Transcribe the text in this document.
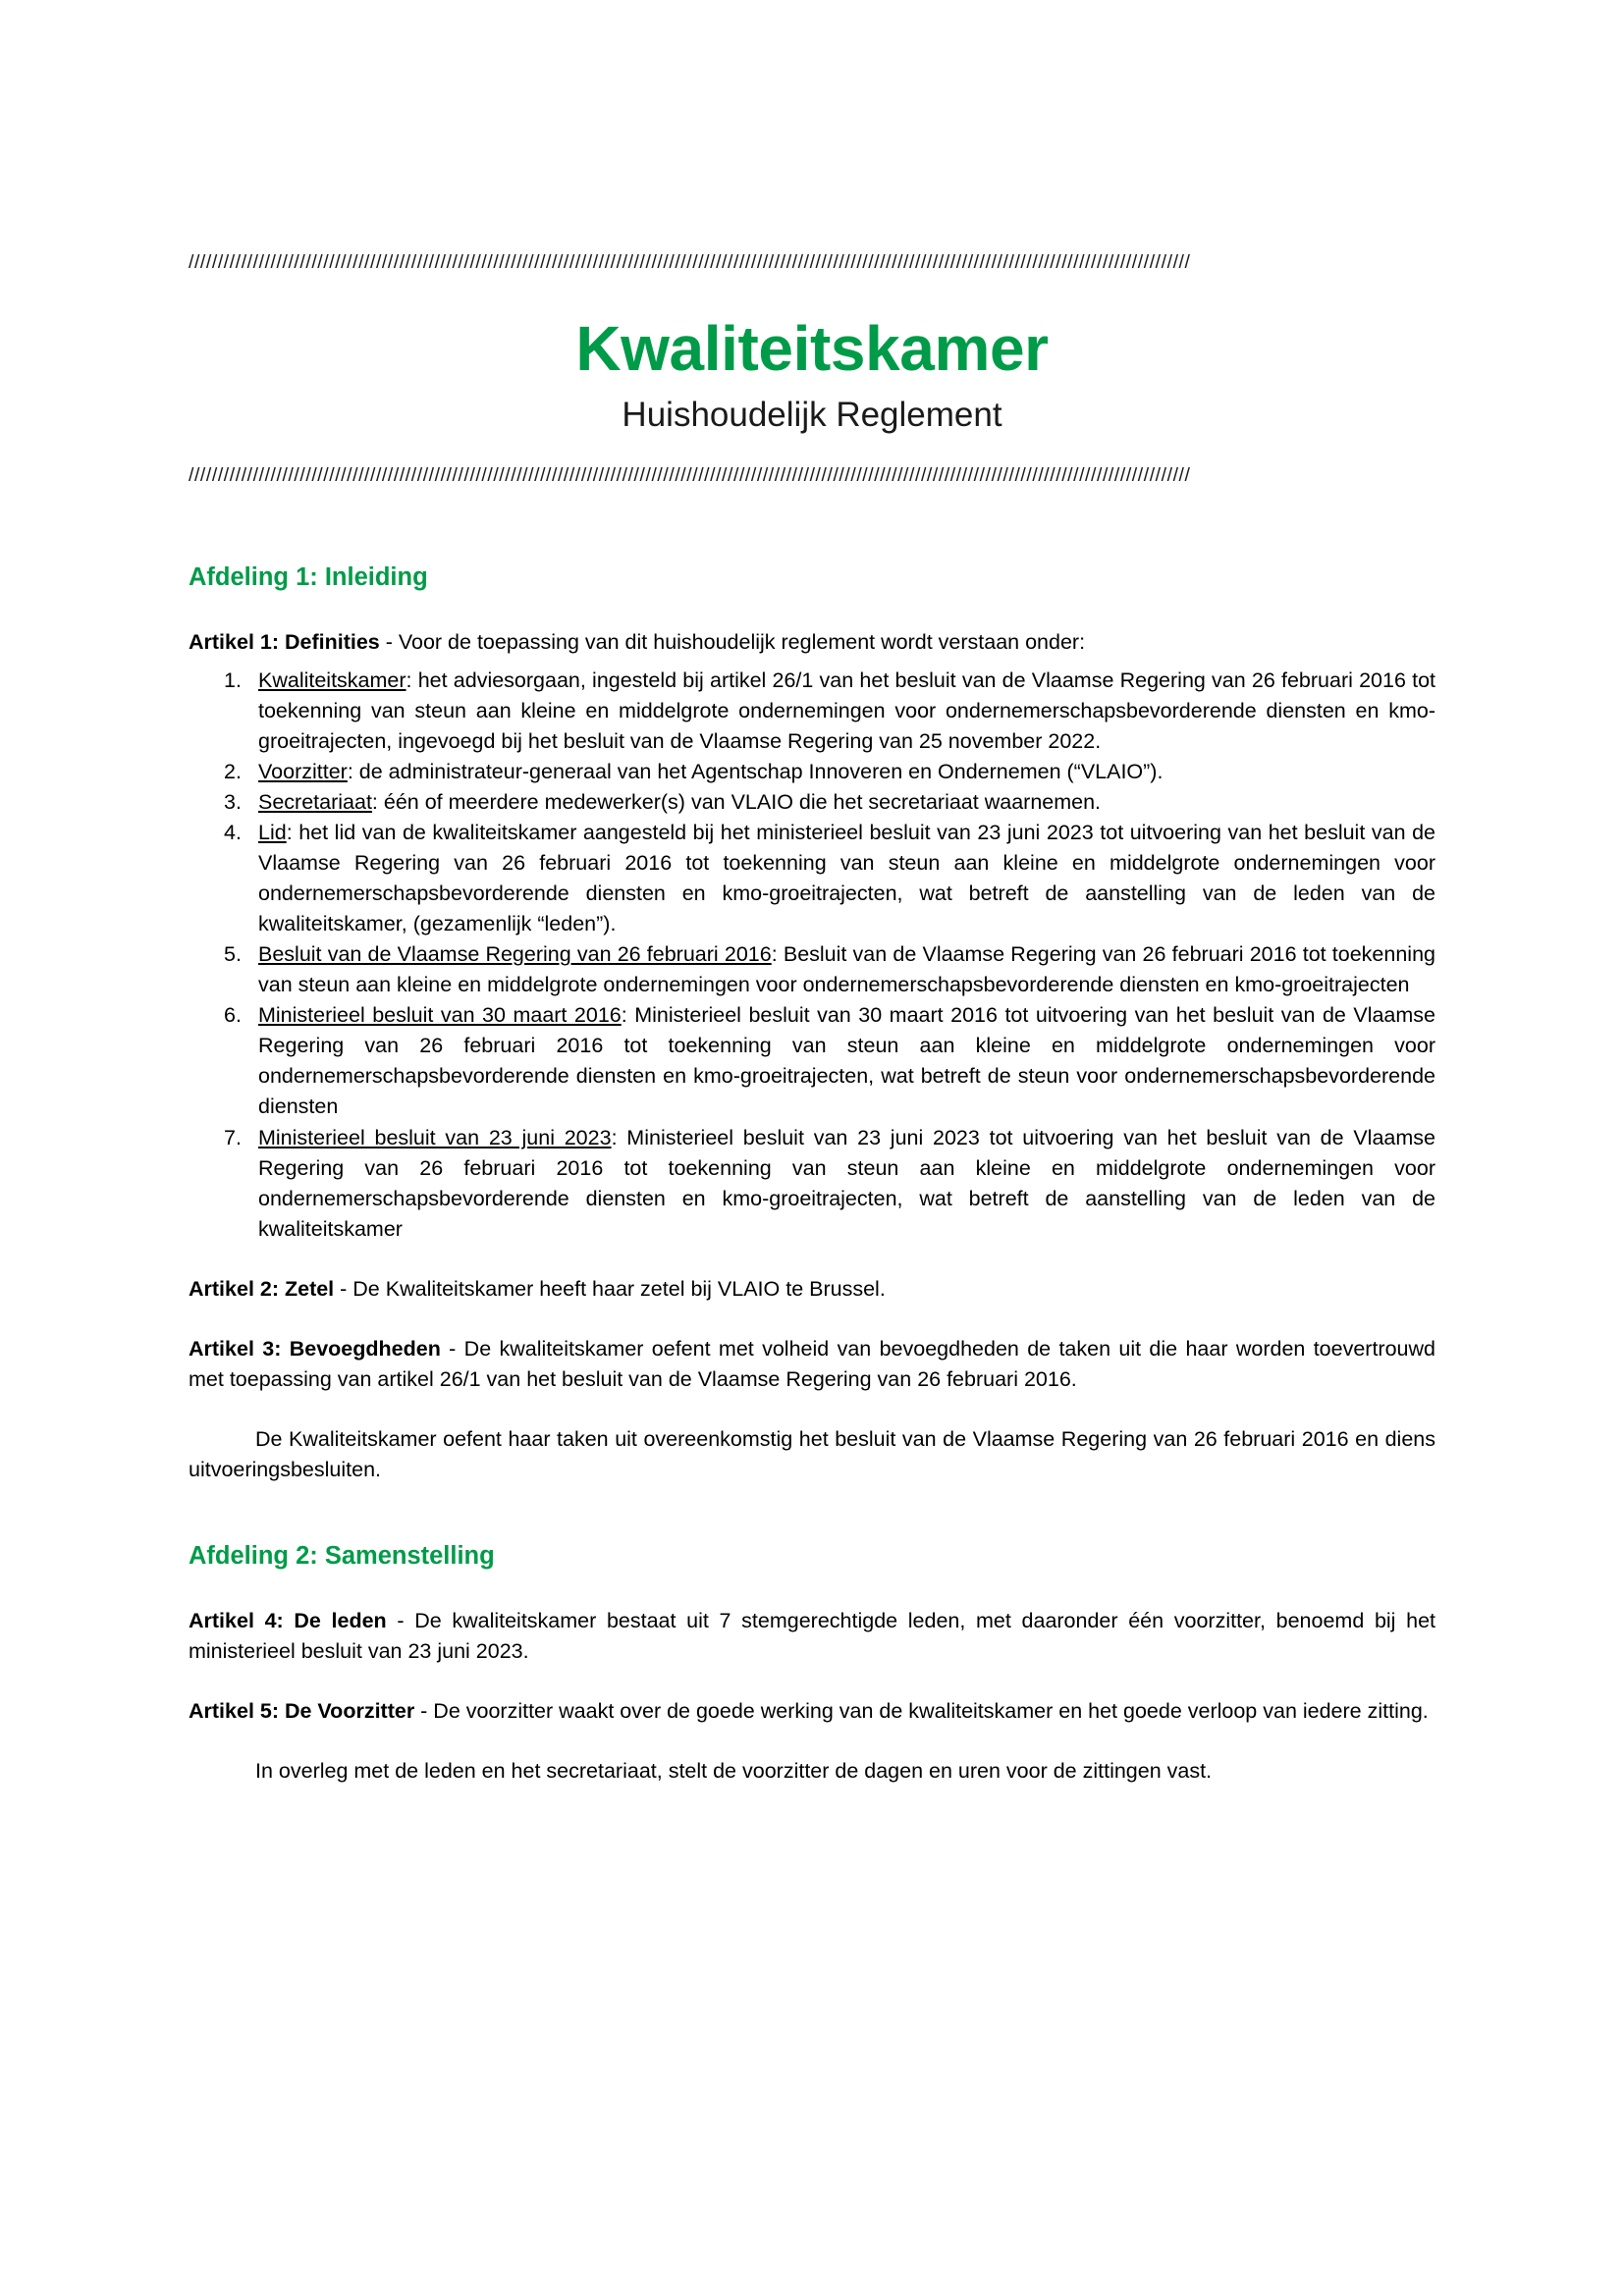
///////////////////////////////////////////////////////////////////////////////////////////////////////////////////////////////////////////////////////////////////////////
Kwaliteitskamer
Huishoudelijk Reglement
///////////////////////////////////////////////////////////////////////////////////////////////////////////////////////////////////////////////////////////////////////////
Afdeling 1: Inleiding

Artikel 1: Definities - Voor de toepassing van dit huishoudelijk reglement wordt verstaan onder:

Kwaliteitskamer: het adviesorgaan, ingesteld bij artikel 26/1 van het besluit van de Vlaamse Regering van 26 februari 2016 tot toekenning van steun aan kleine en middelgrote ondernemingen voor ondernemerschapsbevorderende diensten en kmo-groeitrajecten, ingevoegd bij het besluit van de Vlaamse Regering van 25 november 2022.
Voorzitter: de administrateur-generaal van het Agentschap Innoveren en Ondernemen (“VLAIO”).
Secretariaat: één of meerdere medewerker(s) van VLAIO die het secretariaat waarnemen.
Lid: het lid van de kwaliteitskamer aangesteld bij het ministerieel besluit van 23 juni 2023 tot uitvoering van het besluit van de Vlaamse Regering van 26 februari 2016 tot toekenning van steun aan kleine en middelgrote ondernemingen voor ondernemerschapsbevorderende diensten en kmo-groeitrajecten, wat betreft de aanstelling van de leden van de kwaliteitskamer, (gezamenlijk “leden”).
Besluit van de Vlaamse Regering van 26 februari 2016: Besluit van de Vlaamse Regering van 26 februari 2016 tot toekenning van steun aan kleine en middelgrote ondernemingen voor ondernemerschapsbevorderende diensten en kmo-groeitrajecten
Ministerieel besluit van 30 maart 2016: Ministerieel besluit van 30 maart 2016 tot uitvoering van het besluit van de Vlaamse Regering van 26 februari 2016 tot toekenning van steun aan kleine en middelgrote ondernemingen voor ondernemerschapsbevorderende diensten en kmo-groeitrajecten, wat betreft de steun voor ondernemerschapsbevorderende diensten
Ministerieel besluit van 23 juni 2023: Ministerieel besluit van 23 juni 2023 tot uitvoering van het besluit van de Vlaamse Regering van 26 februari 2016 tot toekenning van steun aan kleine en middelgrote ondernemingen voor ondernemerschapsbevorderende diensten en kmo-groeitrajecten, wat betreft de aanstelling van de leden van de kwaliteitskamer

Artikel 2: Zetel - De Kwaliteitskamer heeft haar zetel bij VLAIO te Brussel.

Artikel 3: Bevoegdheden - De kwaliteitskamer oefent met volheid van bevoegdheden de taken uit die haar worden toevertrouwd met toepassing van artikel 26/1 van het besluit van de Vlaamse Regering van 26 februari 2016.

De Kwaliteitskamer oefent haar taken uit overeenkomstig het besluit van de Vlaamse Regering van 26 februari 2016 en diens uitvoeringsbesluiten.

Afdeling 2: Samenstelling

Artikel 4: De leden - De kwaliteitskamer bestaat uit 7 stemgerechtigde leden, met daaronder één voorzitter, benoemd bij het ministerieel besluit van 23 juni 2023.

Artikel 5: De Voorzitter - De voorzitter waakt over de goede werking van de kwaliteitskamer en het goede verloop van iedere zitting.

In overleg met de leden en het secretariaat, stelt de voorzitter de dagen en uren voor de zittingen vast.
